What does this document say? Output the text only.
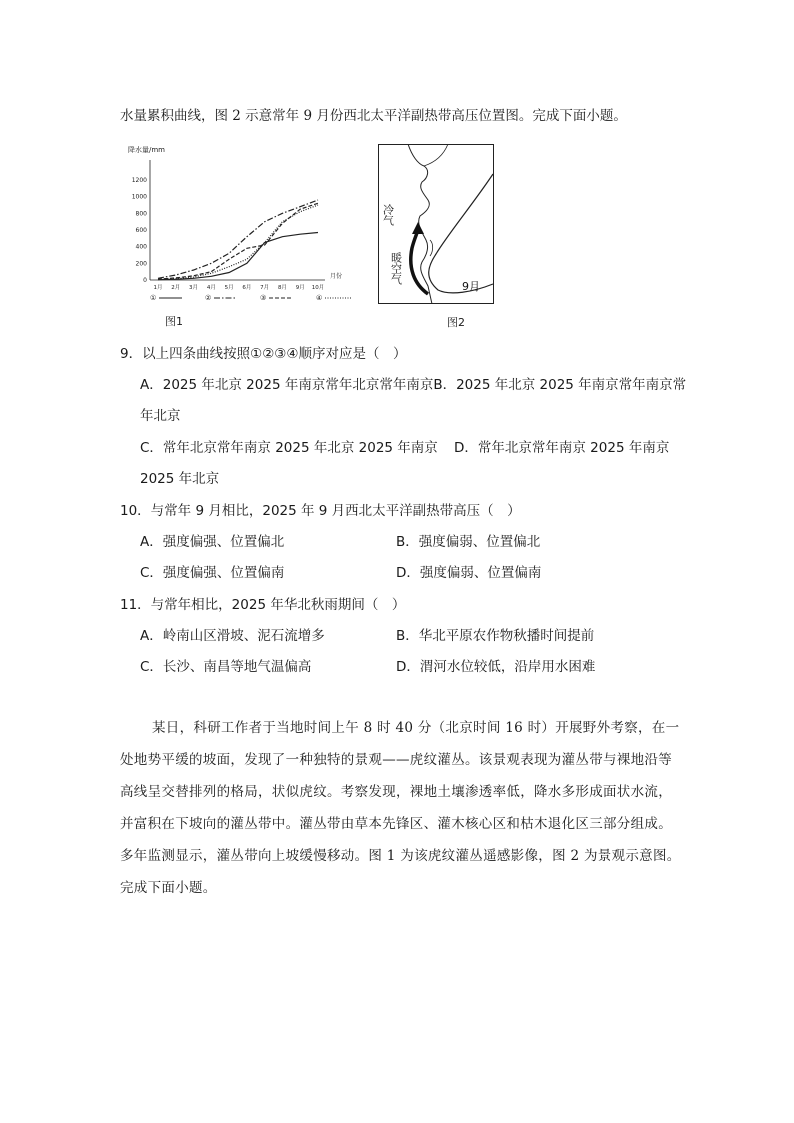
水量累积曲线，图 2 示意常年 9 月份西北太平洋副热带高压位置图。完成下面小题。
降水量/mm
1200
1000
800
600
400
200
0
1月 2月 3月 4月 5月 6月 7月 8月 9月 10月
月份
①	②	③	④
图1
冷气
暖空气
9月
图2
9．以上四条曲线按照①②③④顺序对应是（　）
A．2025 年北京 2025 年南京常年北京常年南京B．2025 年北京 2025 年南京常年南京常
年北京
C．常年北京常年南京 2025 年北京 2025 年南京 D．常年北京常年南京 2025 年南京
2025 年北京
10．与常年 9 月相比，2025 年 9 月西北太平洋副热带高压（　）
A．强度偏强、位置偏北	B．强度偏弱、位置偏北
C．强度偏强、位置偏南	D．强度偏弱、位置偏南
11．与常年相比，2025 年华北秋雨期间（　）
A．岭南山区滑坡、泥石流增多	B．华北平原农作物秋播时间提前
C．长沙、南昌等地气温偏高	D．渭河水位较低，沿岸用水困难
某日，科研工作者于当地时间上午 8 时 40 分（北京时间 16 时）开展野外考察，在一
处地势平缓的坡面，发现了一种独特的景观——虎纹灌丛。该景观表现为灌丛带与裸地沿等
高线呈交替排列的格局，状似虎纹。考察发现，裸地土壤渗透率低，降水多形成面状水流，
并富积在下坡向的灌丛带中。灌丛带由草本先锋区、灌木核心区和枯木退化区三部分组成。
多年监测显示，灌丛带向上坡缓慢移动。图 1 为该虎纹灌丛遥感影像，图 2 为景观示意图。
完成下面小题。
